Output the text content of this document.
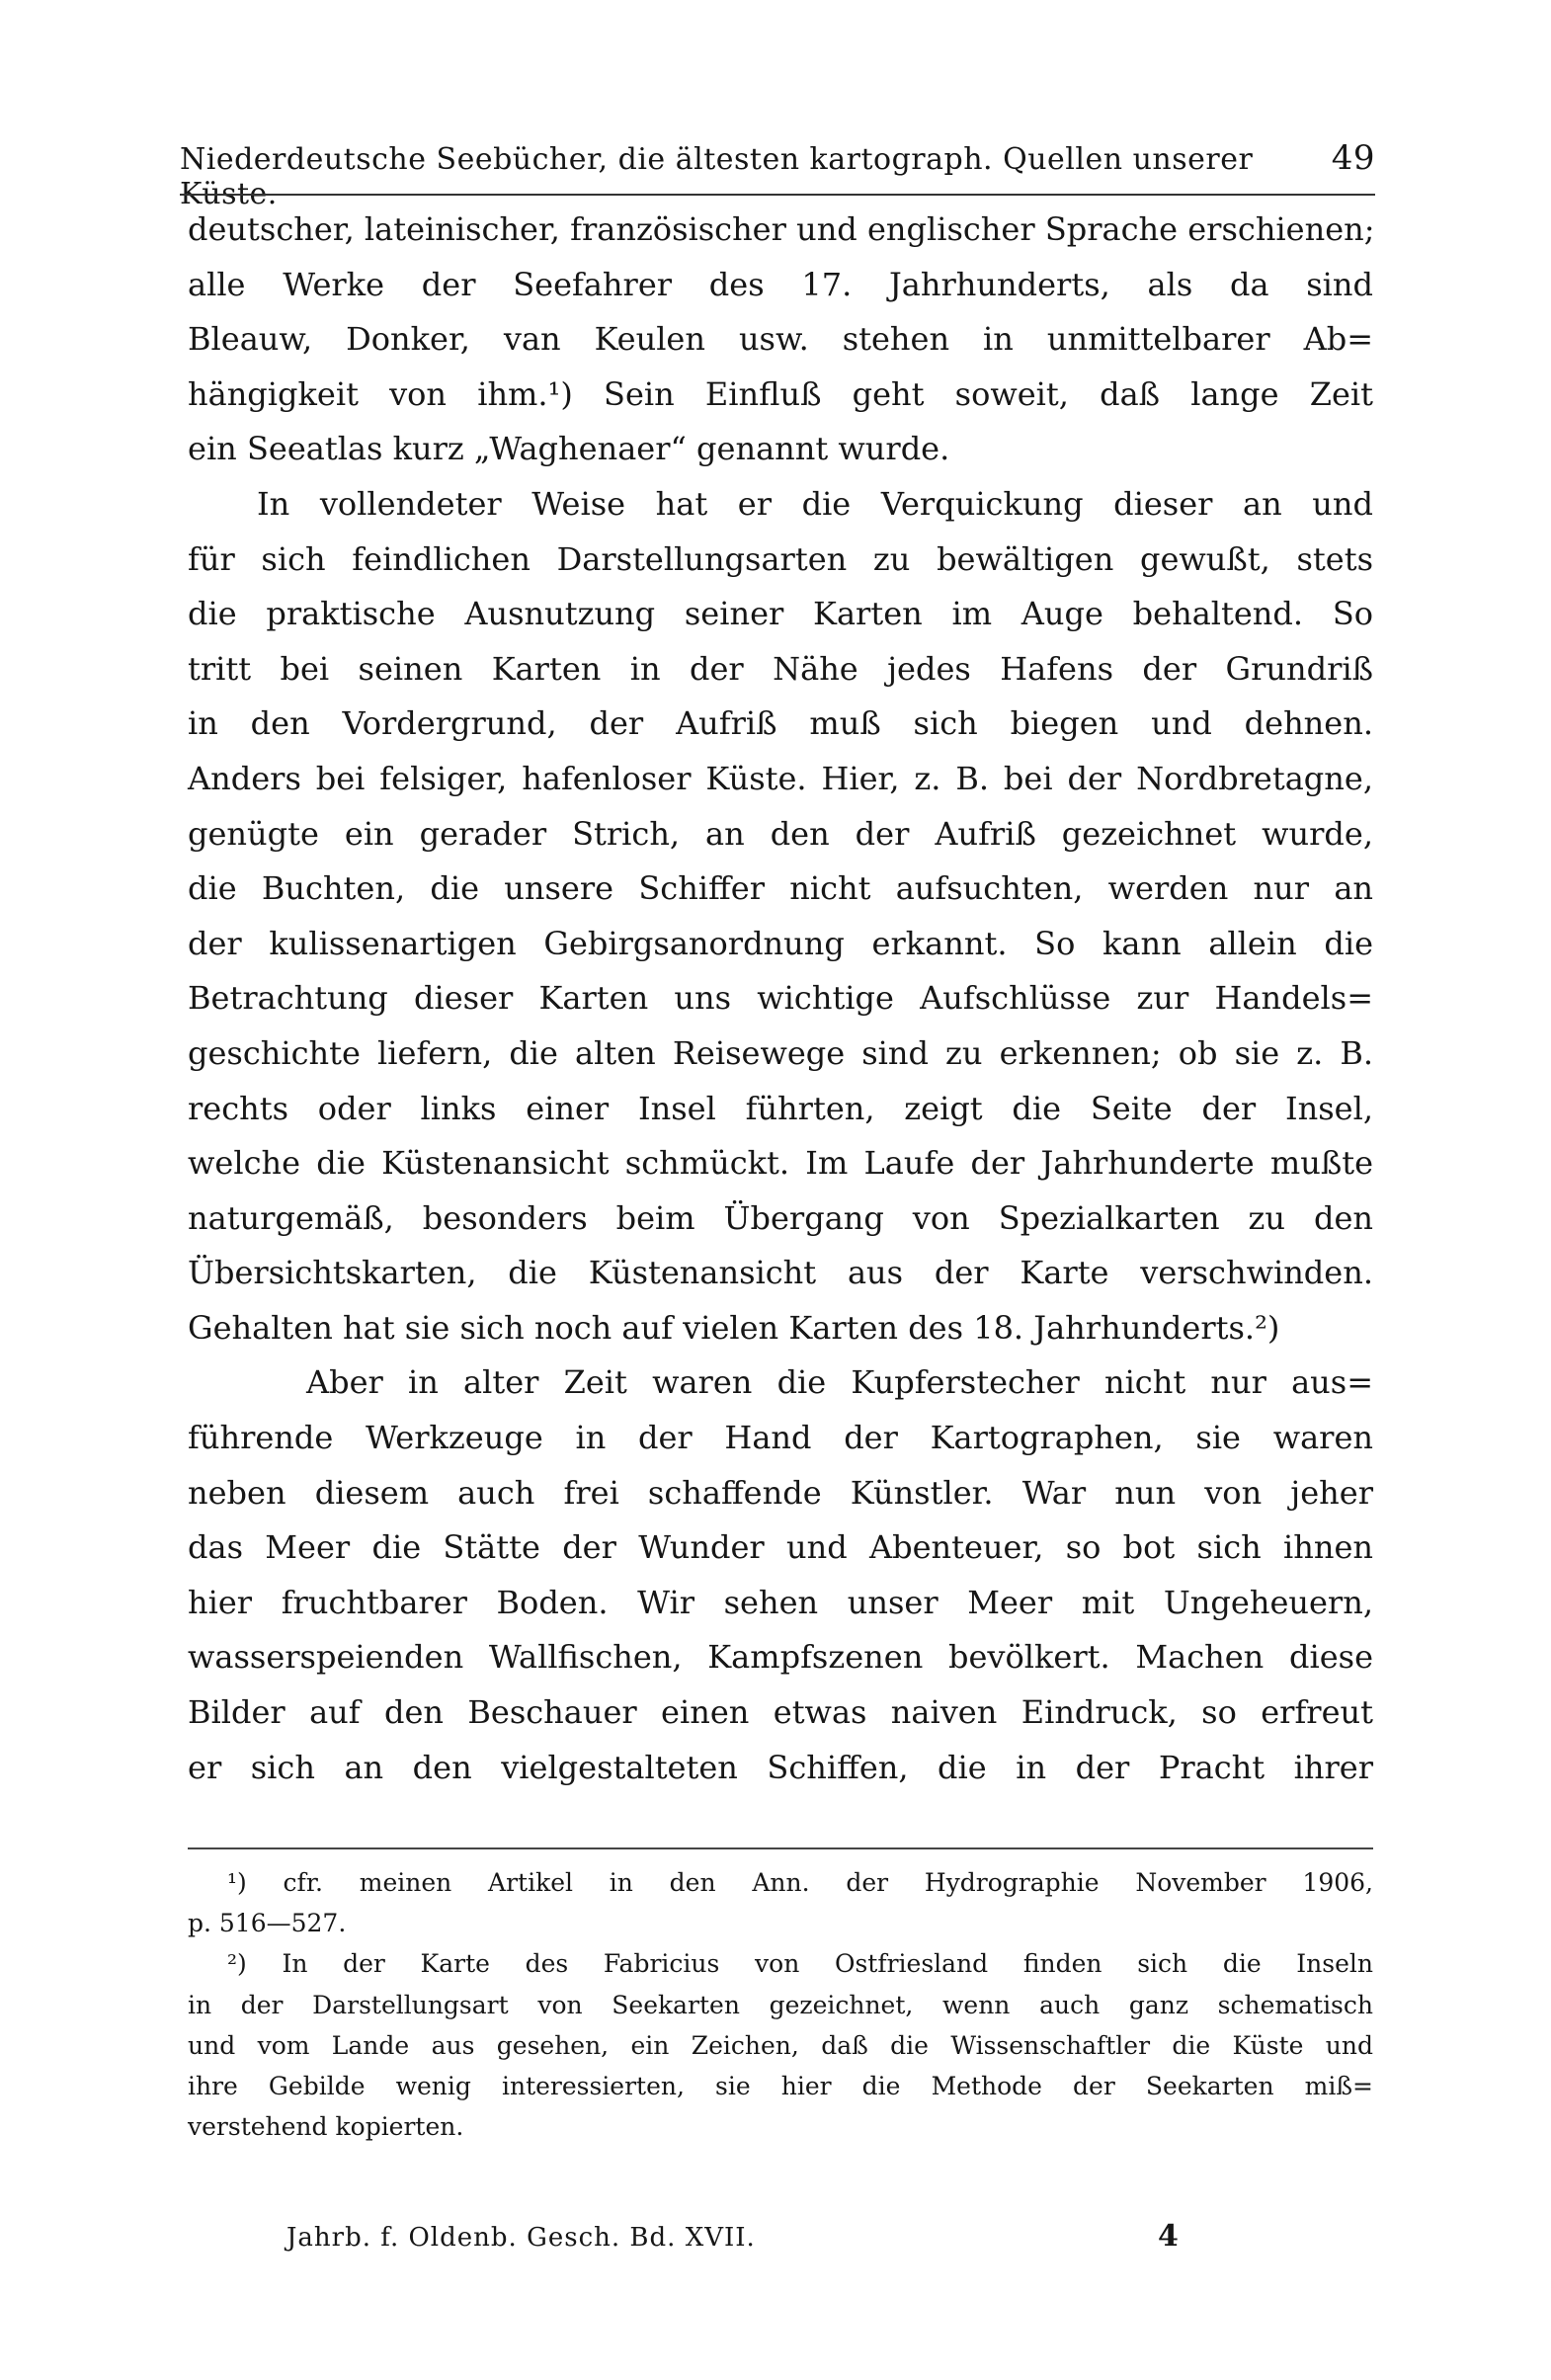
Niederdeutsche Seebücher, die ältesten kartograph. Quellen unserer Küste.
49
deutscher, lateinischer, französischer und englischer Sprache erschienen;
alle Werke der Seefahrer des 17. Jahrhunderts, als da sind
Bleauw, Donker, van Keulen usw. stehen in unmittelbarer Ab=
hängigkeit von ihm.¹) Sein Einfluß geht soweit, daß lange Zeit
ein Seeatlas kurz „Waghenaer“ genannt wurde.
In vollendeter Weise hat er die Verquickung dieser an und
für sich feindlichen Darstellungsarten zu bewältigen gewußt, stets
die praktische Ausnutzung seiner Karten im Auge behaltend. So
tritt bei seinen Karten in der Nähe jedes Hafens der Grundriß
in den Vordergrund, der Aufriß muß sich biegen und dehnen.
Anders bei felsiger, hafenloser Küste. Hier, z. B. bei der Nordbretagne,
genügte ein gerader Strich, an den der Aufriß gezeichnet wurde,
die Buchten, die unsere Schiffer nicht aufsuchten, werden nur an
der kulissenartigen Gebirgsanordnung erkannt. So kann allein die
Betrachtung dieser Karten uns wichtige Aufschlüsse zur Handels=
geschichte liefern, die alten Reisewege sind zu erkennen; ob sie z. B.
rechts oder links einer Insel führten, zeigt die Seite der Insel,
welche die Küstenansicht schmückt. Im Laufe der Jahrhunderte mußte
naturgemäß, besonders beim Übergang von Spezialkarten zu den
Übersichtskarten, die Küstenansicht aus der Karte verschwinden.
Gehalten hat sie sich noch auf vielen Karten des 18. Jahrhunderts.²)
Aber in alter Zeit waren die Kupferstecher nicht nur aus=
führende Werkzeuge in der Hand der Kartographen, sie waren
neben diesem auch frei schaffende Künstler. War nun von jeher
das Meer die Stätte der Wunder und Abenteuer, so bot sich ihnen
hier fruchtbarer Boden. Wir sehen unser Meer mit Ungeheuern,
wasserspeienden Wallfischen, Kampfszenen bevölkert. Machen diese
Bilder auf den Beschauer einen etwas naiven Eindruck, so erfreut
er sich an den vielgestalteten Schiffen, die in der Pracht ihrer
¹) cfr. meinen Artikel in den Ann. der Hydrographie November 1906,
p. 516—527.
²) In der Karte des Fabricius von Ostfriesland finden sich die Inseln
in der Darstellungsart von Seekarten gezeichnet, wenn auch ganz schematisch
und vom Lande aus gesehen, ein Zeichen, daß die Wissenschaftler die Küste und
ihre Gebilde wenig interessierten, sie hier die Methode der Seekarten miß=
verstehend kopierten.
Jahrb. f. Oldenb. Gesch. Bd. XVII.	4
